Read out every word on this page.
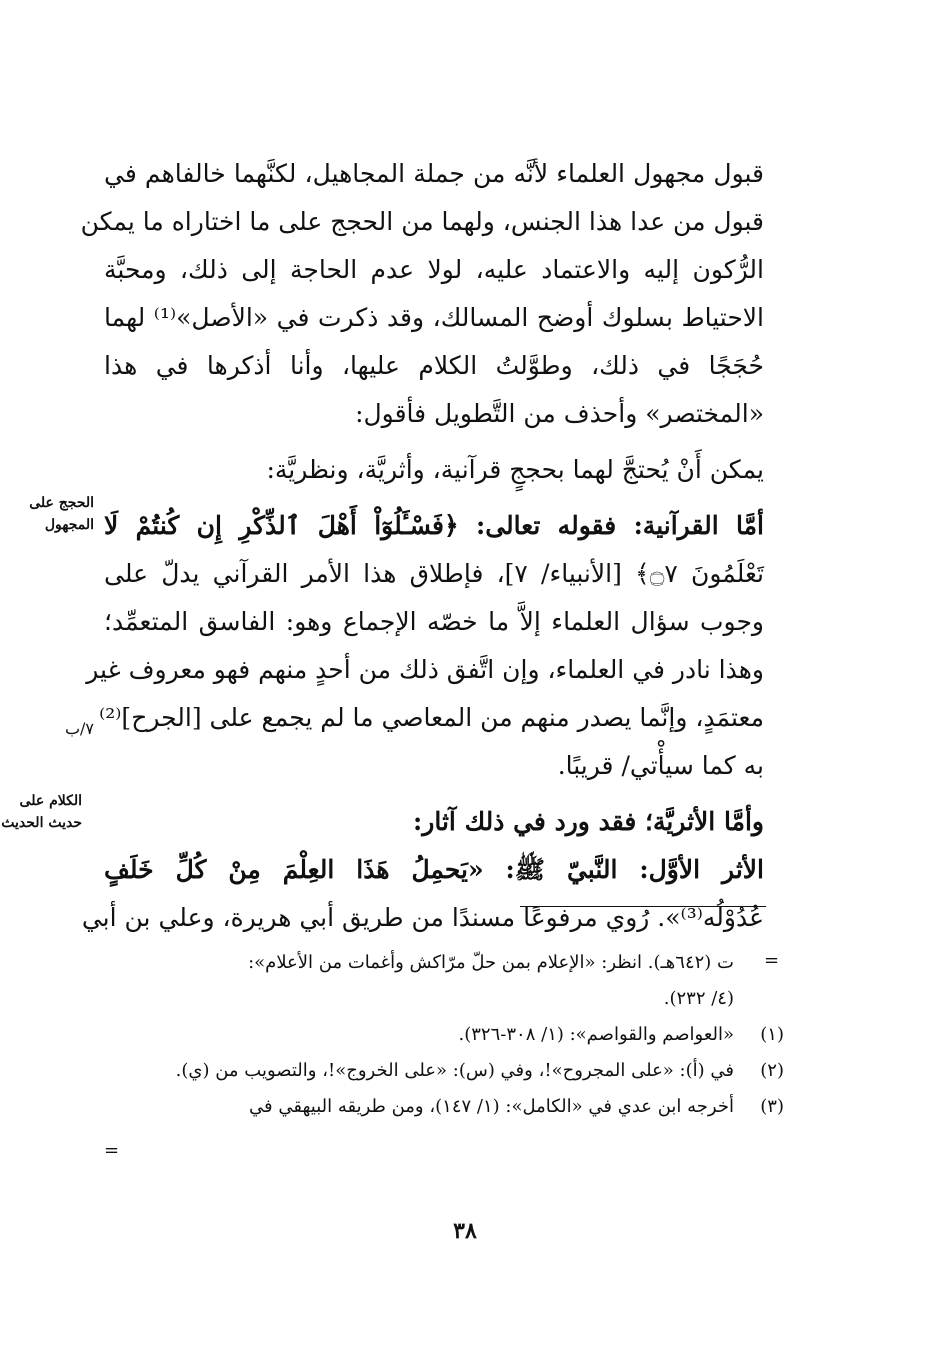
قبول مجهول العلماء لأنَّه من جملة المجاهيل، لكنَّهما خالفاهم في
قبول من عدا هذا الجنس، ولهما من الحجج على ما اختاراه ما يمكن
الرُّكون إليه والاعتماد عليه، لولا عدم الحاجة إلى ذلك، ومحبَّة
الاحتياط بسلوك أوضح المسالك، وقد ذكرت في «الأصل»⁽¹⁾ لهما
حُجَجًا في ذلك، وطوَّلتُ الكلام عليها، وأنا أذكرها في هذا
«المختصر» وأحذف من التَّطويل فأقول:
يمكن أَنْ يُحتجَّ لهما بحججٍ قرآنية، وأثريَّة، ونظريَّة:
أمَّا القرآنية: فقوله تعالى: ﴿فَسْـَٔلُوٓاْ أَهْلَ ٱلذِّكْرِ إِن كُنتُمْ لَا
تَعْلَمُونَ ۝٧﴾ [الأنبياء/ ٧]، فإطلاق هذا الأمر القرآني يدلّ على
وجوب سؤال العلماء إلاَّ ما خصّه الإجماع وهو: الفاسق المتعمِّد؛
وهذا نادر في العلماء، وإن اتَّفق ذلك من أحدٍ منهم فهو معروف غير
معتمَدٍ، وإنَّما يصدر منهم من المعاصي ما لم يجمع على [الجرح]⁽²⁾
به كما سيأْتي/ قريبًا.
وأمَّا الأثريَّة؛ فقد ورد في ذلك آثار:
الأثر الأوَّل: النَّبيّ ﷺ: «يَحمِلُ هَذَا العِلْمَ مِنْ كُلِّ خَلَفٍ
عُدُوْلُه⁽³⁾». رُوي مرفوعًا مسندًا من طريق أبي هريرة، وعلي بن أبي
الحجج على المجهول
٧/ب
الكلام على حديث الحديث
=
ت (٦٤٢هـ). انظر: «الإعلام بمن حلّ مرّاكش وأغمات من الأعلام»:
(٤/ ٢٣٢).
(١)
«العواصم والقواصم»: (١/ ٣٠٨-٣٢٦).
(٢)
في (أ): «على المجروح»!، وفي (س): «على الخروج»!، والتصويب من (ي).
(٣)
أخرجه ابن عدي في «الكامل»: (١/ ١٤٧)، ومن طريقه البيهقي في
=
٣٨
